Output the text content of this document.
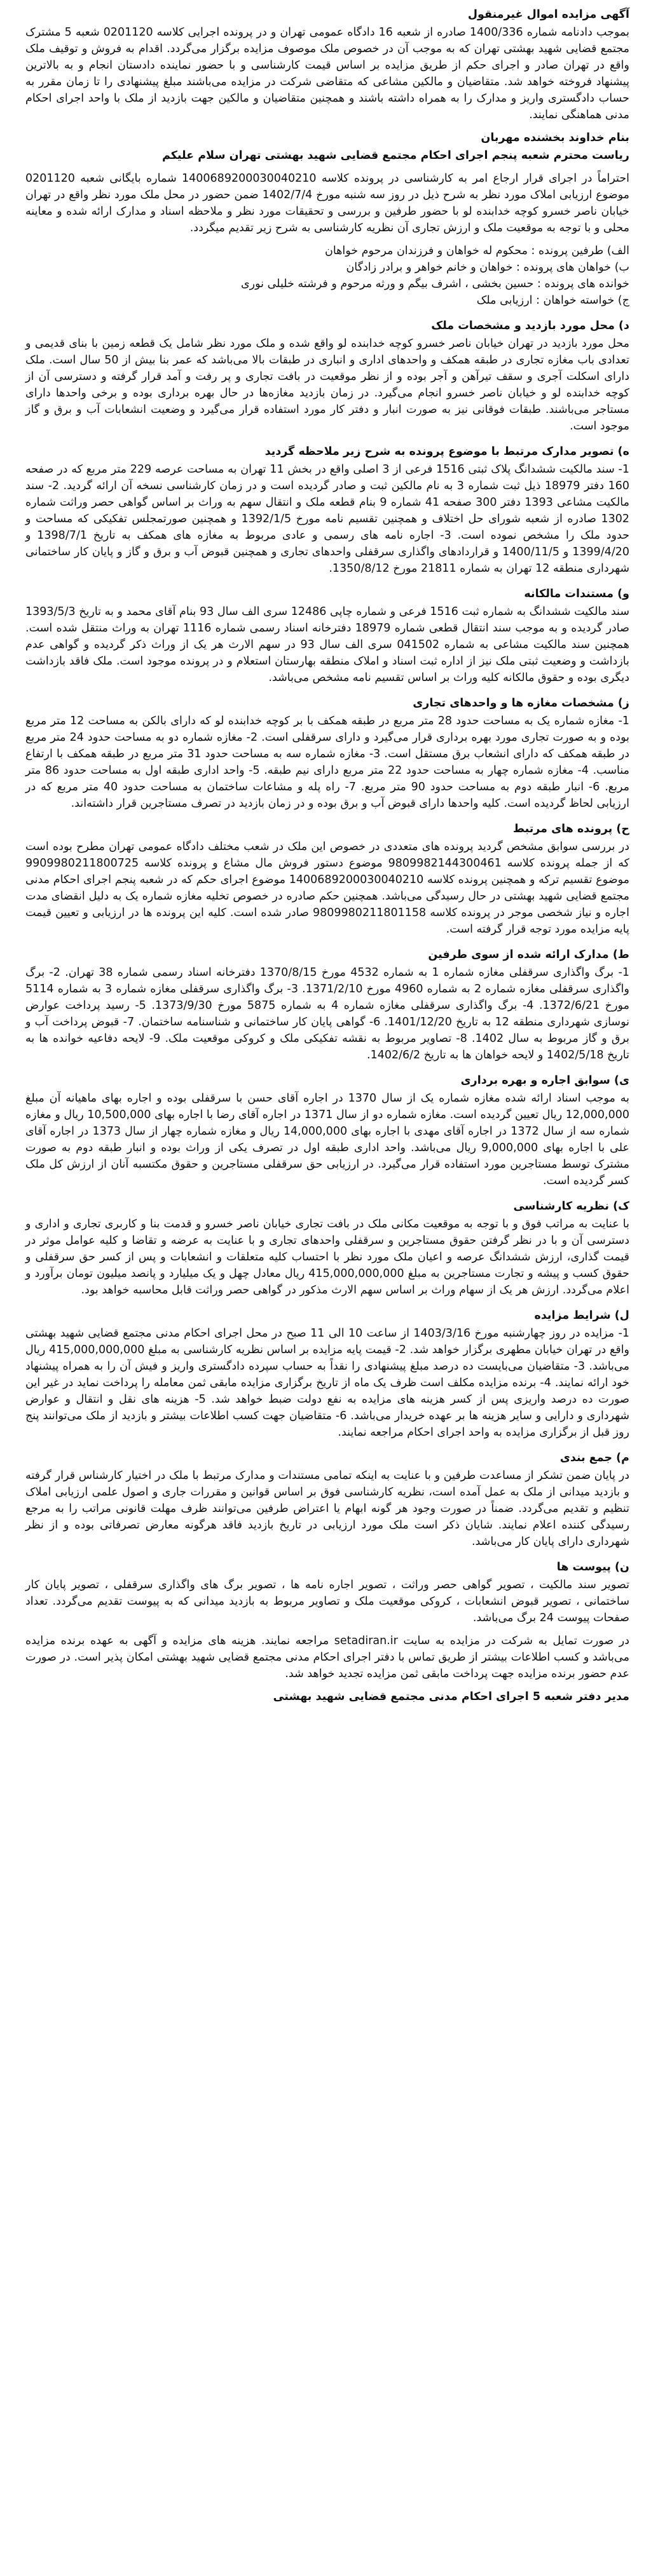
آگهی مزایده اموال غیرمنقول
بموجب دادنامه شماره 1400/336 صادره از شعبه 16 دادگاه عمومی تهران و در پرونده اجرایی کلاسه 0201120 شعبه 5 مشترک مجتمع قضایی شهید بهشتی تهران که به موجب آن در خصوص ملک موصوف مزایده برگزار می‌گردد. اقدام به فروش و توقیف ملک واقع در تهران صادر و اجرای حکم از طریق مزایده بر اساس قیمت کارشناسی و با حضور نماینده دادستان انجام و به بالاترین پیشنهاد فروخته خواهد شد. متقاضیان و مالکین مشاعی که متقاضی شرکت در مزایده می‌باشند مبلغ پیشنهادی را تا زمان مقرر به حساب دادگستری واریز و مدارک را به همراه داشته باشند و همچنین متقاضیان و مالکین جهت بازدید از ملک با واحد اجرای احکام مدنی هماهنگی نمایند.
بنام خداوند بخشنده مهربان
ریاست محترم شعبه پنجم اجرای احکام مجتمع قضایی شهید بهشتی تهران سلام علیکم
احتراماً در اجرای قرار ارجاع امر به کارشناسی در پرونده کلاسه 1400689200030040210 شماره بایگانی شعبه 0201120 موضوع ارزیابی املاک مورد نظر به شرح ذیل در روز سه شنبه مورخ 1402/7/4 ضمن حضور در محل ملک مورد نظر واقع در تهران خیابان ناصر خسرو کوچه خدابنده لو با حضور طرفین و بررسی و تحقیقات مورد نظر و ملاحظه اسناد و مدارک ارائه شده و معاینه محلی و با توجه به موقعیت ملک و ارزش تجاری آن نظریه کارشناسی به شرح زیر تقدیم میگردد.
الف) طرفین پرونده : محکوم له خواهان و فرزندان مرحوم خواهان
ب) خواهان های پرونده : خواهان و خانم خواهر و برادر زادگان
خوانده های پرونده : حسین بخشی ، اشرف بیگم و ورثه مرحوم و فرشته خلیلی نوری
ج) خواسته خواهان : ارزیابی ملک
د) محل مورد بازدید و مشخصات ملک
محل مورد بازدید در تهران خیابان ناصر خسرو کوچه خدابنده لو واقع شده و ملک مورد نظر شامل یک قطعه زمین با بنای قدیمی و تعدادی باب مغازه تجاری در طبقه همکف و واحدهای اداری و انباری در طبقات بالا می‌باشد که عمر بنا بیش از 50 سال است. ملک دارای اسکلت آجری و سقف تیرآهن و آجر بوده و از نظر موقعیت در بافت تجاری و پر رفت و آمد قرار گرفته و دسترسی آن از کوچه خدابنده لو و خیابان ناصر خسرو انجام می‌گیرد. در زمان بازدید مغازه‌ها در حال بهره برداری بوده و برخی واحدها دارای مستاجر می‌باشند. طبقات فوقانی نیز به صورت انبار و دفتر کار مورد استفاده قرار می‌گیرد و وضعیت انشعابات آب و برق و گاز موجود است.
ه) تصویر مدارک مرتبط با موضوع پرونده به شرح زیر ملاحظه گردید
1- سند مالکیت ششدانگ پلاک ثبتی 1516 فرعی از 3 اصلی واقع در بخش 11 تهران به مساحت عرصه 229 متر مربع که در صفحه 160 دفتر 18979 ذیل ثبت شماره 3 به نام مالکین ثبت و صادر گردیده است و در زمان کارشناسی نسخه آن ارائه گردید. 2- سند مالکیت مشاعی 1393 دفتر 300 صفحه 41 شماره 9 بنام قطعه ملک و انتقال سهم به وراث بر اساس گواهی حصر وراثت شماره 1302 صادره از شعبه شورای حل اختلاف و همچنین تقسیم نامه مورخ 1392/1/5 و همچنین صورتمجلس تفکیکی که مساحت و حدود ملک را مشخص نموده است. 3- اجاره نامه های رسمی و عادی مربوط به مغازه های همکف به تاریخ 1398/7/1 و 1399/4/20 و 1400/11/5 و قراردادهای واگذاری سرقفلی واحدهای تجاری و همچنین قبوض آب و برق و گاز و پایان کار ساختمانی شهرداری منطقه 12 تهران به شماره 21811 مورخ 1350/8/12.
و) مستندات مالکانه
سند مالکیت ششدانگ به شماره ثبت 1516 فرعی و شماره چاپی 12486 سری الف سال 93 بنام آقای محمد و به تاریخ 1393/5/3 صادر گردیده و به موجب سند انتقال قطعی شماره 18979 دفترخانه اسناد رسمی شماره 1116 تهران به وراث منتقل شده است. همچنین سند مالکیت مشاعی به شماره 041502 سری الف سال 93 در سهم الارث هر یک از وراث ذکر گردیده و گواهی عدم بازداشت و وضعیت ثبتی ملک نیز از اداره ثبت اسناد و املاک منطقه بهارستان استعلام و در پرونده موجود است. ملک فاقد بازداشت دیگری بوده و حقوق مالکانه کلیه وراث بر اساس تقسیم نامه مشخص می‌باشد.
ز) مشخصات مغازه ها و واحدهای تجاری
1- مغازه شماره یک به مساحت حدود 28 متر مربع در طبقه همکف با بر کوچه خدابنده لو که دارای بالکن به مساحت 12 متر مربع بوده و به صورت تجاری مورد بهره برداری قرار می‌گیرد و دارای سرقفلی است. 2- مغازه شماره دو به مساحت حدود 24 متر مربع در طبقه همکف که دارای انشعاب برق مستقل است. 3- مغازه شماره سه به مساحت حدود 31 متر مربع در طبقه همکف با ارتفاع مناسب. 4- مغازه شماره چهار به مساحت حدود 22 متر مربع دارای نیم طبقه. 5- واحد اداری طبقه اول به مساحت حدود 86 متر مربع. 6- انبار طبقه دوم به مساحت حدود 90 متر مربع. 7- راه پله و مشاعات ساختمان به مساحت حدود 40 متر مربع که در ارزیابی لحاظ گردیده است. کلیه واحدها دارای قبوض آب و برق بوده و در زمان بازدید در تصرف مستاجرین قرار داشته‌اند.
ح) پرونده های مرتبط
در بررسی سوابق مشخص گردید پرونده های متعددی در خصوص این ملک در شعب مختلف دادگاه عمومی تهران مطرح بوده است که از جمله پرونده کلاسه 9809982144300461 موضوع دستور فروش مال مشاع و پرونده کلاسه 9909980211800725 موضوع تقسیم ترکه و همچنین پرونده کلاسه 1400689200030040210 موضوع اجرای حکم که در شعبه پنجم اجرای احکام مدنی مجتمع قضایی شهید بهشتی در حال رسیدگی می‌باشد. همچنین حکم صادره در خصوص تخلیه مغازه شماره یک به دلیل انقضای مدت اجاره و نیاز شخصی موجر در پرونده کلاسه 9809980211801158 صادر شده است. کلیه این پرونده ها در ارزیابی و تعیین قیمت پایه مزایده مورد توجه قرار گرفته است.
ط) مدارک ارائه شده از سوی طرفین
1- برگ واگذاری سرقفلی مغازه شماره 1 به شماره 4532 مورخ 1370/8/15 دفترخانه اسناد رسمی شماره 38 تهران. 2- برگ واگذاری سرقفلی مغازه شماره 2 به شماره 4960 مورخ 1371/2/10. 3- برگ واگذاری سرقفلی مغازه شماره 3 به شماره 5114 مورخ 1372/6/21. 4- برگ واگذاری سرقفلی مغازه شماره 4 به شماره 5875 مورخ 1373/9/30. 5- رسید پرداخت عوارض نوسازی شهرداری منطقه 12 به تاریخ 1401/12/20. 6- گواهی پایان کار ساختمانی و شناسنامه ساختمان. 7- قبوض پرداخت آب و برق و گاز مربوط به سال 1402. 8- تصاویر مربوط به نقشه تفکیکی ملک و کروکی موقعیت ملک. 9- لایحه دفاعیه خوانده ها به تاریخ 1402/5/18 و لایحه خواهان ها به تاریخ 1402/6/2.
ی) سوابق اجاره و بهره برداری
به موجب اسناد ارائه شده مغازه شماره یک از سال 1370 در اجاره آقای حسن با سرقفلی بوده و اجاره بهای ماهیانه آن مبلغ 12,000,000 ریال تعیین گردیده است. مغازه شماره دو از سال 1371 در اجاره آقای رضا با اجاره بهای 10,500,000 ریال و مغازه شماره سه از سال 1372 در اجاره آقای مهدی با اجاره بهای 14,000,000 ریال و مغازه شماره چهار از سال 1373 در اجاره آقای علی با اجاره بهای 9,000,000 ریال می‌باشد. واحد اداری طبقه اول در تصرف یکی از وراث بوده و انبار طبقه دوم به صورت مشترک توسط مستاجرین مورد استفاده قرار می‌گیرد. در ارزیابی حق سرقفلی مستاجرین و حقوق مکتسبه آنان از ارزش کل ملک کسر گردیده است.
ک) نظریه کارشناسی
با عنایت به مراتب فوق و با توجه به موقعیت مکانی ملک در بافت تجاری خیابان ناصر خسرو و قدمت بنا و کاربری تجاری و اداری و دسترسی آن و با در نظر گرفتن حقوق مستاجرین و سرقفلی واحدهای تجاری و با عنایت به عرضه و تقاضا و کلیه عوامل موثر در قیمت گذاری، ارزش ششدانگ عرصه و اعیان ملک مورد نظر با احتساب کلیه متعلقات و انشعابات و پس از کسر حق سرقفلی و حقوق کسب و پیشه و تجارت مستاجرین به مبلغ 415,000,000,000 ریال معادل چهل و یک میلیارد و پانصد میلیون تومان برآورد و اعلام می‌گردد. ارزش هر یک از سهام وراث بر اساس سهم الارث مذکور در گواهی حصر وراثت قابل محاسبه خواهد بود.
ل) شرایط مزایده
1- مزایده در روز چهارشنبه مورخ 1403/3/16 از ساعت 10 الی 11 صبح در محل اجرای احکام مدنی مجتمع قضایی شهید بهشتی واقع در تهران خیابان مطهری برگزار خواهد شد. 2- قیمت پایه مزایده بر اساس نظریه کارشناسی به مبلغ 415,000,000,000 ریال می‌باشد. 3- متقاضیان می‌بایست ده درصد مبلغ پیشنهادی را نقداً به حساب سپرده دادگستری واریز و فیش آن را به همراه پیشنهاد خود ارائه نمایند. 4- برنده مزایده مکلف است ظرف یک ماه از تاریخ برگزاری مزایده مابقی ثمن معامله را پرداخت نماید در غیر این صورت ده درصد واریزی پس از کسر هزینه های مزایده به نفع دولت ضبط خواهد شد. 5- هزینه های نقل و انتقال و عوارض شهرداری و دارایی و سایر هزینه ها بر عهده خریدار می‌باشد. 6- متقاضیان جهت کسب اطلاعات بیشتر و بازدید از ملک می‌توانند پنج روز قبل از برگزاری مزایده به واحد اجرای احکام مراجعه نمایند.
م) جمع بندی
در پایان ضمن تشکر از مساعدت طرفین و با عنایت به اینکه تمامی مستندات و مدارک مرتبط با ملک در اختیار کارشناس قرار گرفته و بازدید میدانی از ملک به عمل آمده است، نظریه کارشناسی فوق بر اساس قوانین و مقررات جاری و اصول علمی ارزیابی املاک تنظیم و تقدیم می‌گردد. ضمناً در صورت وجود هر گونه ابهام یا اعتراض طرفین می‌توانند ظرف مهلت قانونی مراتب را به مرجع رسیدگی کننده اعلام نمایند. شایان ذکر است ملک مورد ارزیابی در تاریخ بازدید فاقد هرگونه معارض تصرفاتی بوده و از نظر شهرداری دارای پایان کار می‌باشد.
ن) پیوست ها
تصویر سند مالکیت ، تصویر گواهی حصر وراثت ، تصویر اجاره نامه ها ، تصویر برگ های واگذاری سرقفلی ، تصویر پایان کار ساختمانی ، تصویر قبوض انشعابات ، کروکی موقعیت ملک و تصاویر مربوط به بازدید میدانی که به پیوست تقدیم می‌گردد. تعداد صفحات پیوست 24 برگ می‌باشد.
در صورت تمایل به شرکت در مزایده به سایت setadiran.ir مراجعه نمایند. هزینه های مزایده و آگهی به عهده برنده مزایده می‌باشد و کسب اطلاعات بیشتر از طریق تماس با دفتر اجرای احکام مدنی مجتمع قضایی شهید بهشتی امکان پذیر است. در صورت عدم حضور برنده مزایده جهت پرداخت مابقی ثمن مزایده تجدید خواهد شد.
مدیر دفتر شعبه 5 اجرای احکام مدنی مجتمع قضایی شهید بهشتی
